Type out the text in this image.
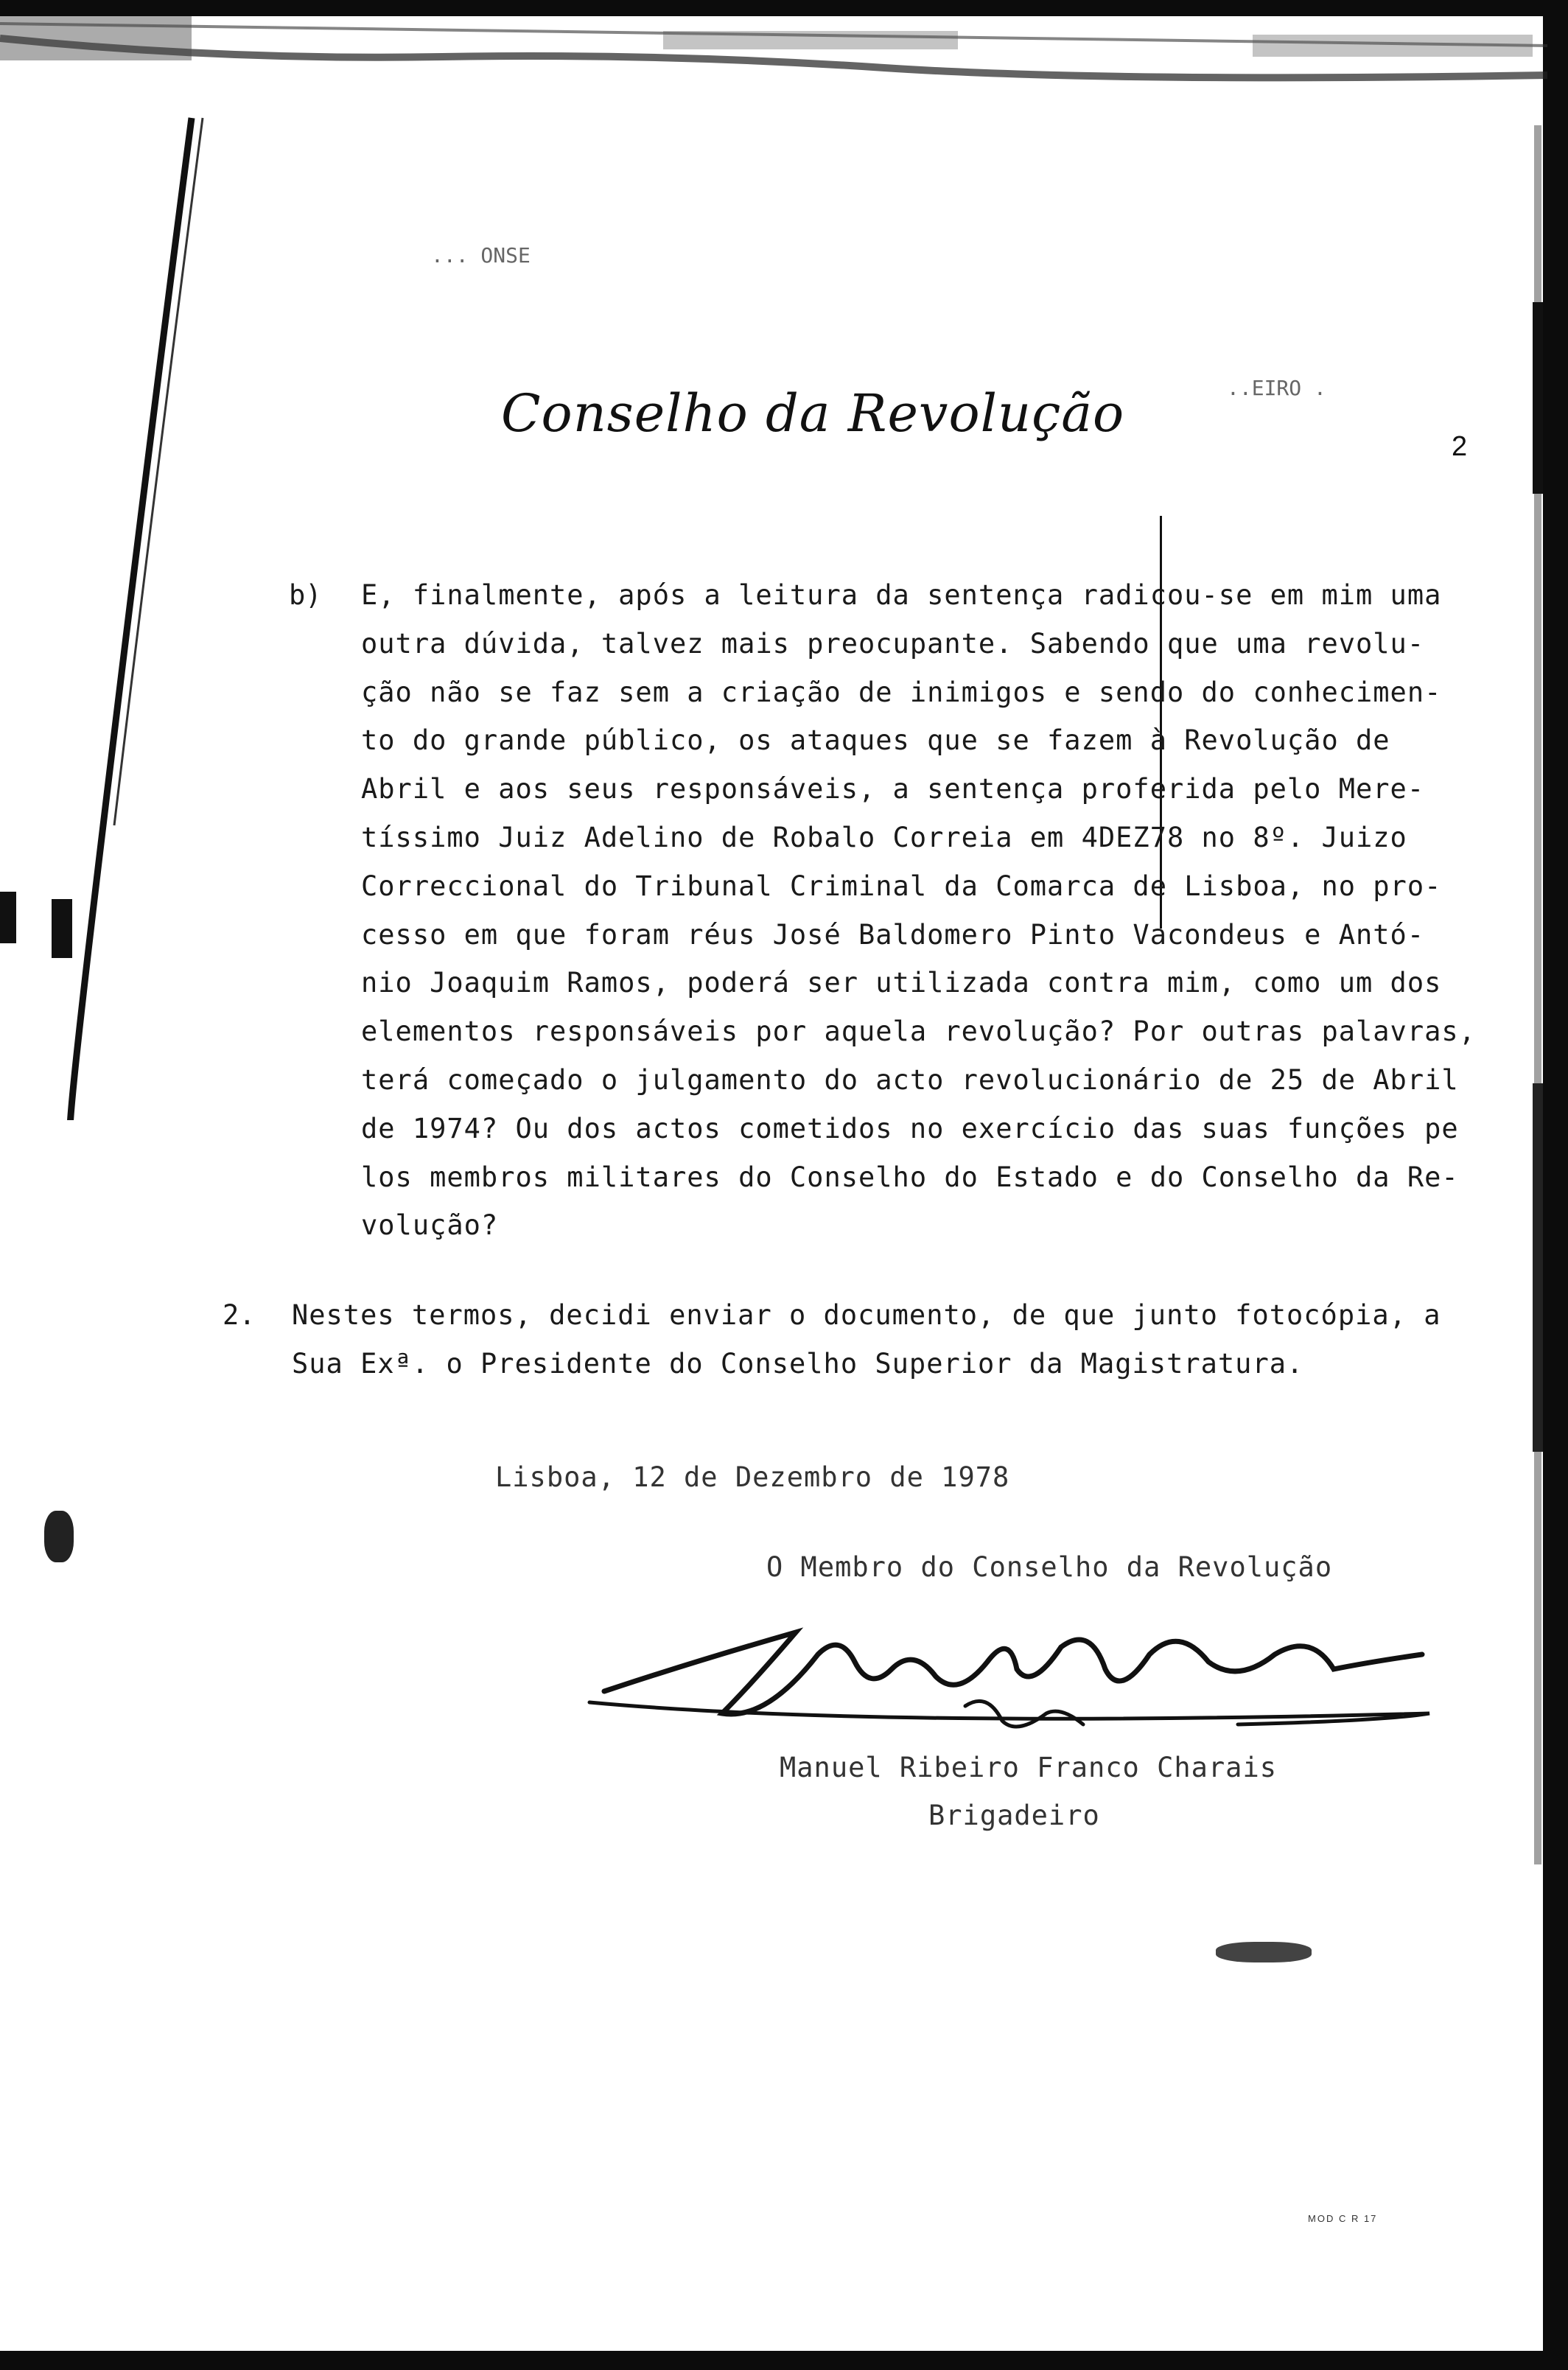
... ONSE
..EIRO .
Conselho da Revolução
2
b) E, finalmente, após a leitura da sentença radicou-se em mim uma
outra dúvida, talvez mais preocupante. Sabendo que uma revolu-
ção não se faz sem a criação de inimigos e sendo do conhecimen-
to do grande público, os ataques que se fazem à Revolução de
Abril e aos seus responsáveis, a sentença proferida pelo Mere-
tíssimo Juiz Adelino de Robalo Correia em 4DEZ78 no 8º. Juizo
Correccional do Tribunal Criminal da Comarca de Lisboa, no pro-
cesso em que foram réus José Baldomero Pinto Vacondeus e Antó-
nio Joaquim Ramos, poderá ser utilizada contra mim, como um dos
elementos responsáveis por aquela revolução? Por outras palavras,
terá começado o julgamento do acto revolucionário de 25 de Abril
de 1974? Ou dos actos cometidos no exercício das suas funções pe
los membros militares do Conselho do Estado e do Conselho da Re-
volução?
2. Nestes termos, decidi enviar o documento, de que junto fotocópia, a
Sua Exª. o Presidente do Conselho Superior da Magistratura.
Lisboa, 12 de Dezembro de 1978
O Membro do Conselho da Revolução
Manuel Ribeiro Franco Charais
Brigadeiro
MOD C R 17
